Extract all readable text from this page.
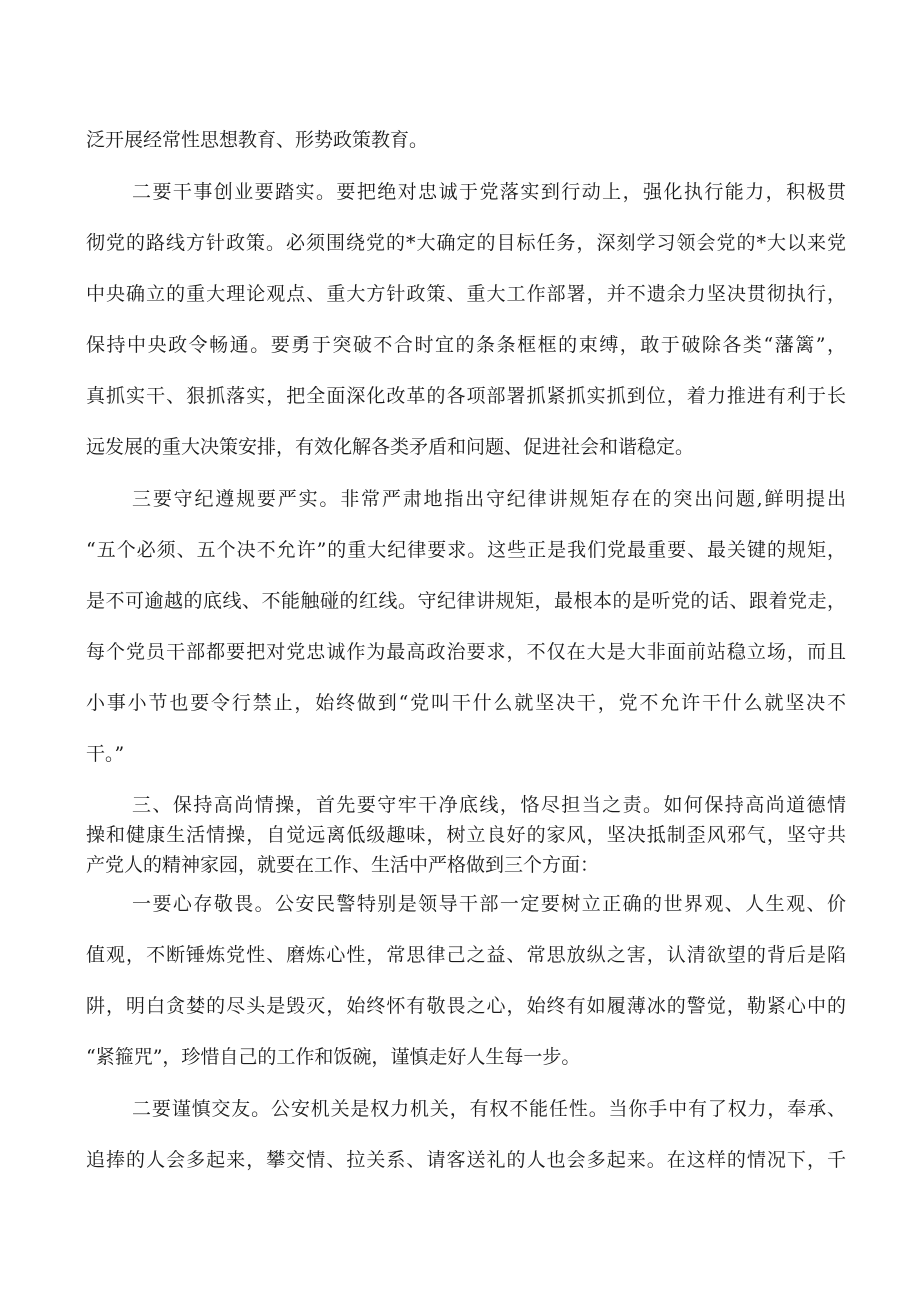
泛开展经常性思想教育、形势政策教育。
二要干事创业要踏实。要把绝对忠诚于党落实到行动上，强化执行能力，积极贯
彻党的路线方针政策。必须围绕党的*大确定的目标任务，深刻学习领会党的*大以来党
中央确立的重大理论观点、重大方针政策、重大工作部署，并不遗余力坚决贯彻执行，
保持中央政令畅通。要勇于突破不合时宜的条条框框的束缚，敢于破除各类“藩篱”，
真抓实干、狠抓落实，把全面深化改革的各项部署抓紧抓实抓到位，着力推进有利于长
远发展的重大决策安排，有效化解各类矛盾和问题、促进社会和谐稳定。
三要守纪遵规要严实。非常严肃地指出守纪律讲规矩存在的突出问题,鲜明提出
“五个必须、五个决不允许”的重大纪律要求。这些正是我们党最重要、最关键的规矩，
是不可逾越的底线、不能触碰的红线。守纪律讲规矩，最根本的是听党的话、跟着党走，
每个党员干部都要把对党忠诚作为最高政治要求，不仅在大是大非面前站稳立场，而且
小事小节也要令行禁止，始终做到“党叫干什么就坚决干，党不允许干什么就坚决不
干。”
三、保持高尚情操，首先要守牢干净底线，恪尽担当之责。如何保持高尚道德情
操和健康生活情操，自觉远离低级趣味，树立良好的家风，坚决抵制歪风邪气，坚守共
产党人的精神家园，就要在工作、生活中严格做到三个方面：
一要心存敬畏。公安民警特别是领导干部一定要树立正确的世界观、人生观、价
值观，不断锤炼党性、磨炼心性，常思律己之益、常思放纵之害，认清欲望的背后是陷
阱，明白贪婪的尽头是毁灭，始终怀有敬畏之心，始终有如履薄冰的警觉，勒紧心中的
“紧箍咒”，珍惜自己的工作和饭碗，谨慎走好人生每一步。
二要谨慎交友。公安机关是权力机关，有权不能任性。当你手中有了权力，奉承、
追捧的人会多起来，攀交情、拉关系、请客送礼的人也会多起来。在这样的情况下，千
